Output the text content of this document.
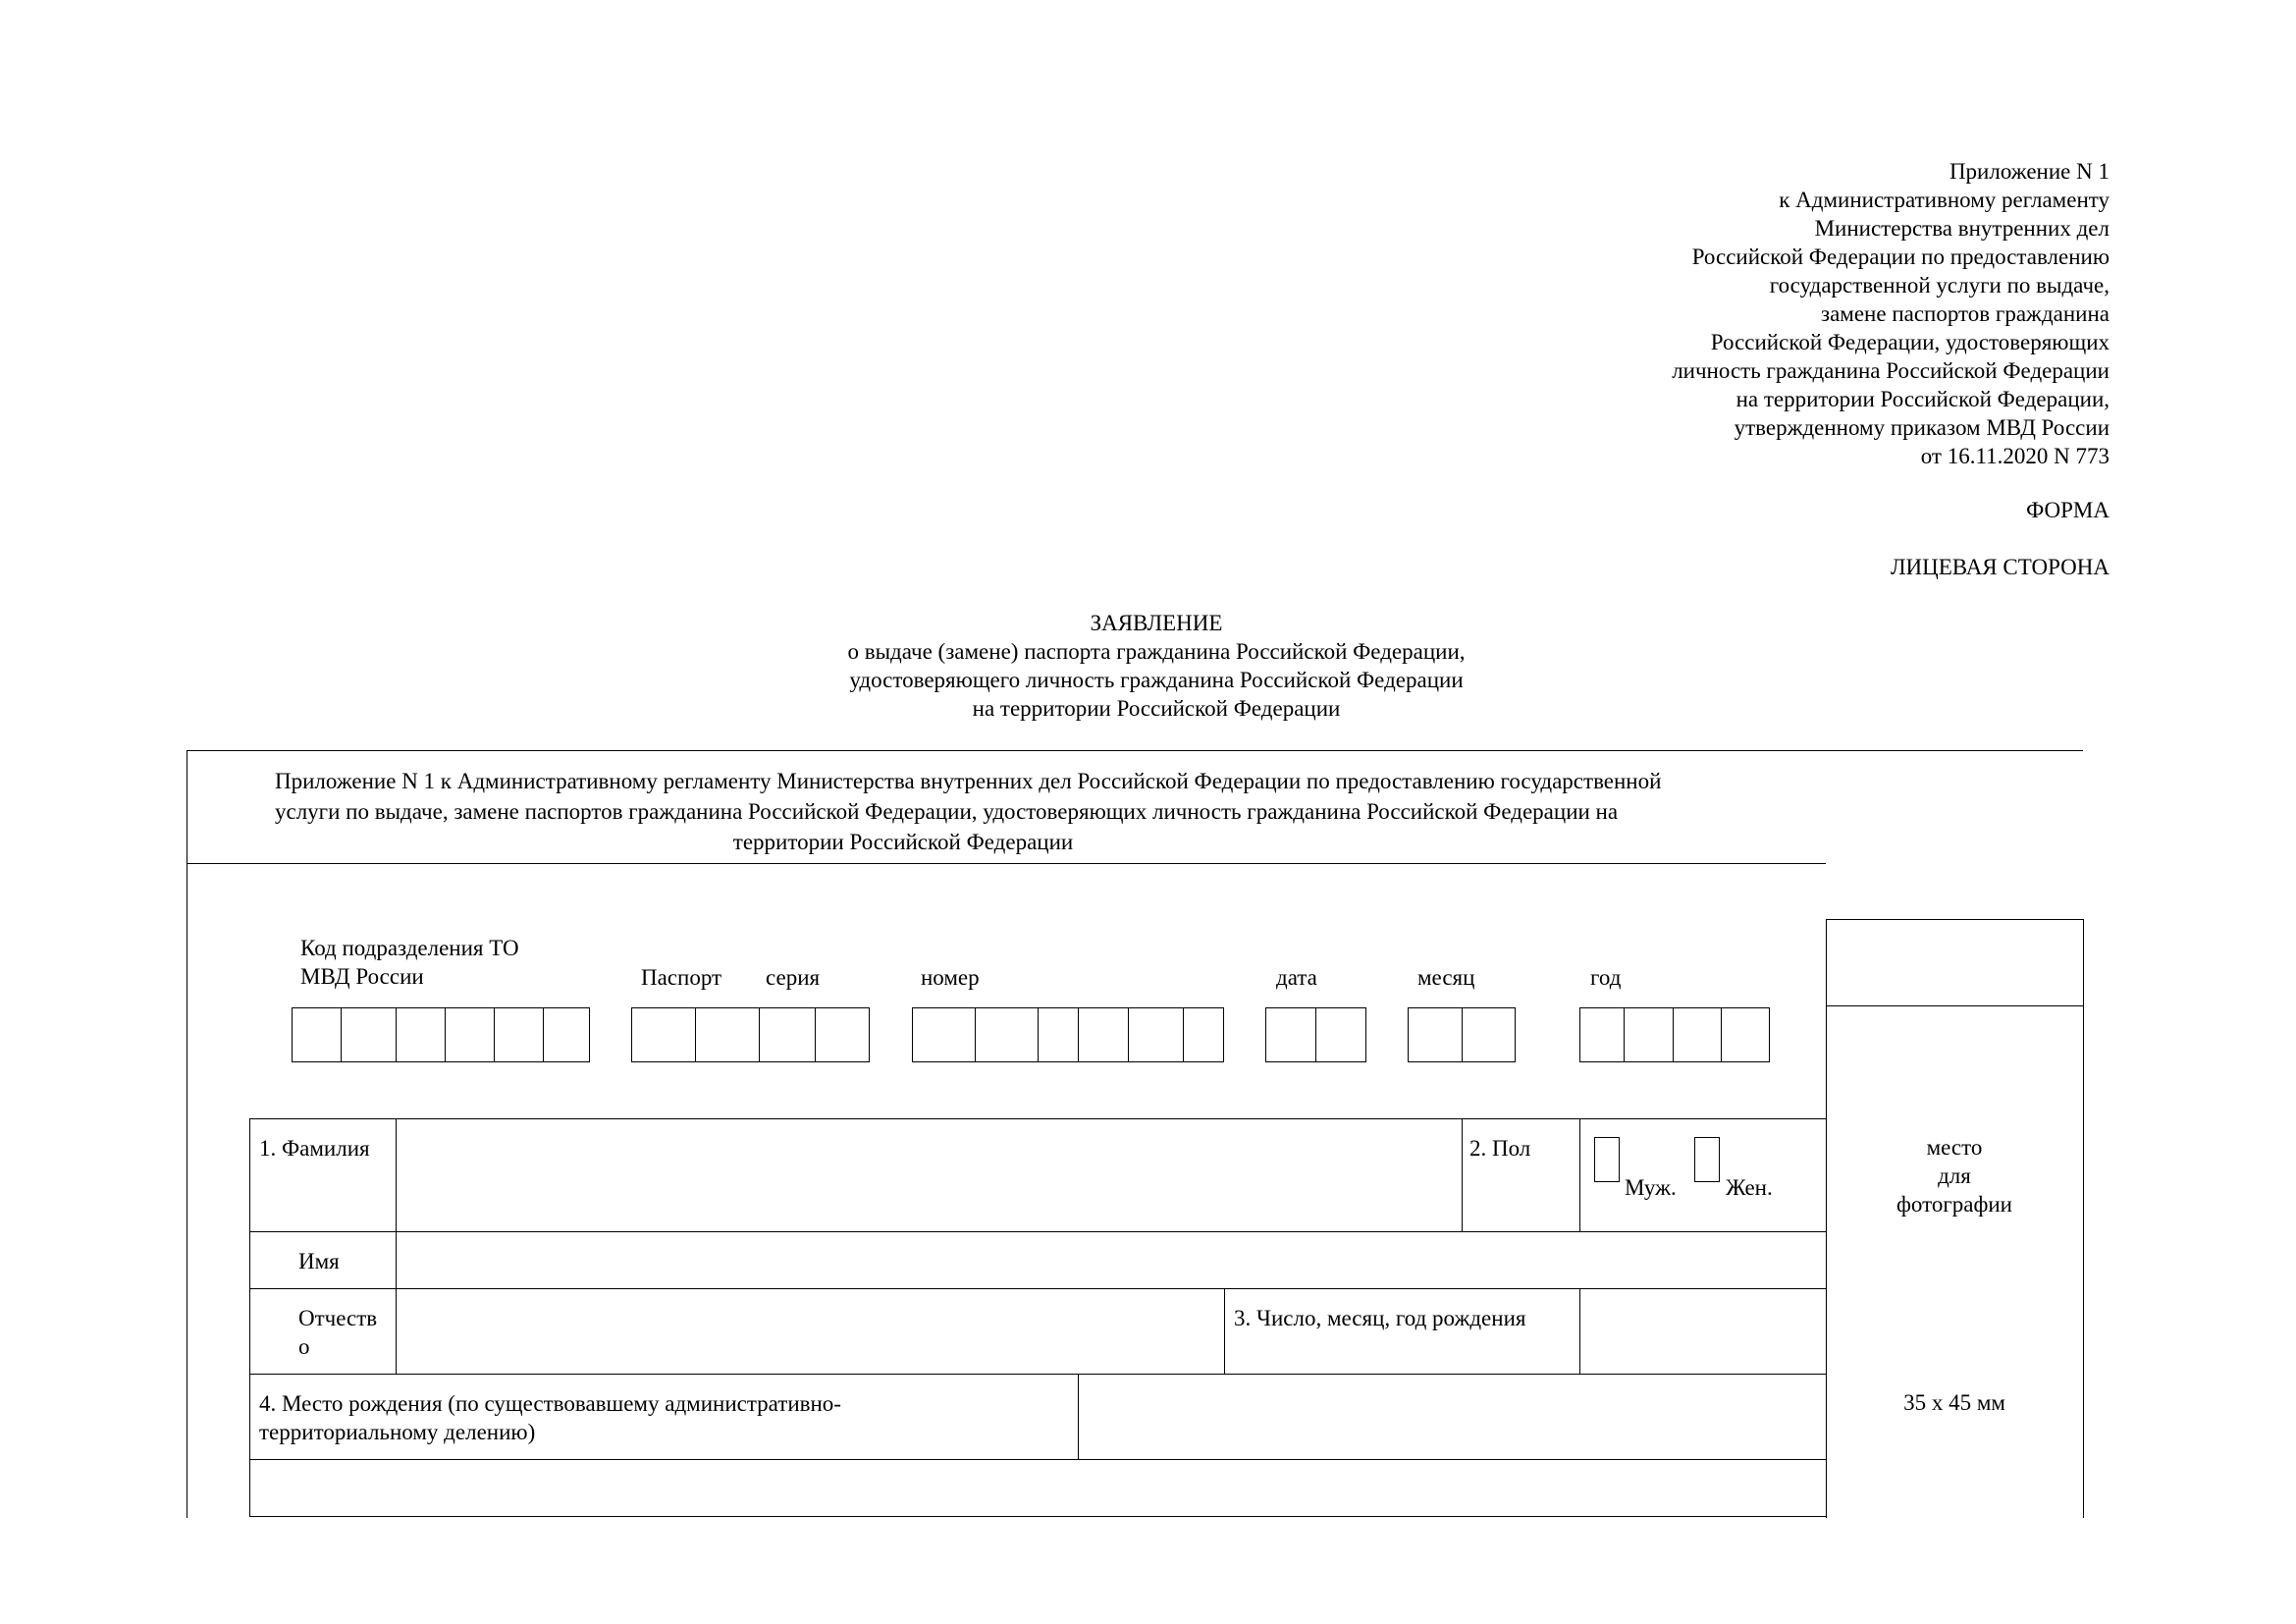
Приложение N 1
к Административному регламенту
Министерства внутренних дел
Российской Федерации по предоставлению
государственной услуги по выдаче,
замене паспортов гражданина
Российской Федерации, удостоверяющих
личность гражданина Российской Федерации
на территории Российской Федерации,
утвержденному приказом МВД России
от 16.11.2020 N 773
ФОРМА
ЛИЦЕВАЯ СТОРОНА
ЗАЯВЛЕНИЕ
о выдаче (замене) паспорта гражданина Российской Федерации,
удостоверяющего личность гражданина Российской Федерации
на территории Российской Федерации
Приложение N 1 к Административному регламенту Министерства внутренних дел Российской Федерации по предоставлению государственной
услуги по выдаче, замене паспортов гражданина Российской Федерации, удостоверяющих личность гражданина Российской Федерации на
территории Российской Федерации
место
для
фотографии
35 х 45 мм
Код подразделения ТО
МВД России	Паспорт серия	номер	дата	месяц	год
1. Фамилия	2. Пол
Муж. Жен.
Имя
Отчеств
о
3. Число, месяц, год рождения
4. Место рождения (по существовавшему административно-
территориальному делению)
